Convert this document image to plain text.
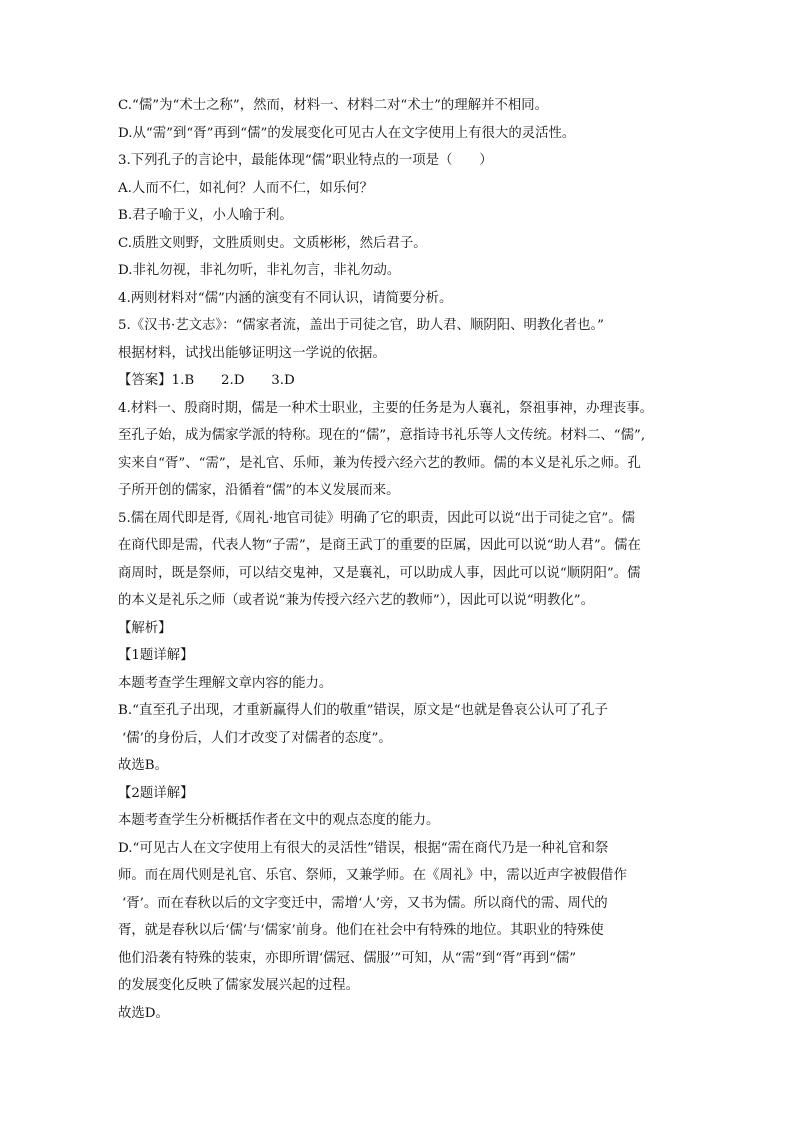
C.“儒”为“术士之称”，然而，材料一、材料二对“术士”的理解并不相同。
D.从“需”到“胥”再到“儒”的发展变化可见古人在文字使用上有很大的灵活性。
3.下列孔子的言论中，最能体现“儒”职业特点的一项是（　　）
A.人而不仁，如礼何？人而不仁，如乐何？
B.君子喻于义，小人喻于利。
C.质胜文则野，文胜质则史。文质彬彬，然后君子。
D.非礼勿视，非礼勿听，非礼勿言，非礼勿动。
4.两则材料对“儒”内涵的演变有不同认识，请简要分析。
5.《汉书·艺文志》：“儒家者流，盖出于司徒之官，助人君、顺阴阳、明教化者也。”
根据材料，试找出能够证明这一学说的依据。
【答案】1.B　　2.D　　3.D
4.材料一、殷商时期，儒是一种术士职业，主要的任务是为人襄礼，祭祖事神，办理丧事。
至孔子始，成为儒家学派的特称。现在的“儒”，意指诗书礼乐等人文传统。材料二、“儒”,
实来自“胥”、“需”，是礼官、乐师，兼为传授六经六艺的教师。儒的本义是礼乐之师。孔
子所开创的儒家，沿循着“儒”的本义发展而来。
5.儒在周代即是胥,《周礼·地官司徒》明确了它的职责，因此可以说“出于司徒之官”。儒
在商代即是需，代表人物“子需”，是商王武丁的重要的臣属，因此可以说“助人君”。儒在
商周时，既是祭师，可以结交鬼神，又是襄礼，可以助成人事，因此可以说“顺阴阳”。儒
的本义是礼乐之师（或者说“兼为传授六经六艺的教师”），因此可以说“明教化”。
【解析】
【1题详解】
本题考查学生理解文章内容的能力。
B.“直至孔子出现，才重新赢得人们的敬重”错误，原文是“也就是鲁哀公认可了孔子
‘儒’的身份后，人们才改变了对儒者的态度”。
故选B。
【2题详解】
本题考查学生分析概括作者在文中的观点态度的能力。
D.“可见古人在文字使用上有很大的灵活性”错误，根据“需在商代乃是一种礼官和祭
师。而在周代则是礼官、乐官、祭师，又兼学师。在《周礼》中，需以近声字被假借作
‘胥’。而在春秋以后的文字变迁中，需增‘人’旁，又书为儒。所以商代的需、周代的
胥，就是春秋以后‘儒’与‘儒家’前身。他们在社会中有特殊的地位。其职业的特殊使
他们沿袭有特殊的装束，亦即所谓‘儒冠、儒服’”可知，从“需”到“胥”再到“儒”
的发展变化反映了儒家发展兴起的过程。
故选D。
